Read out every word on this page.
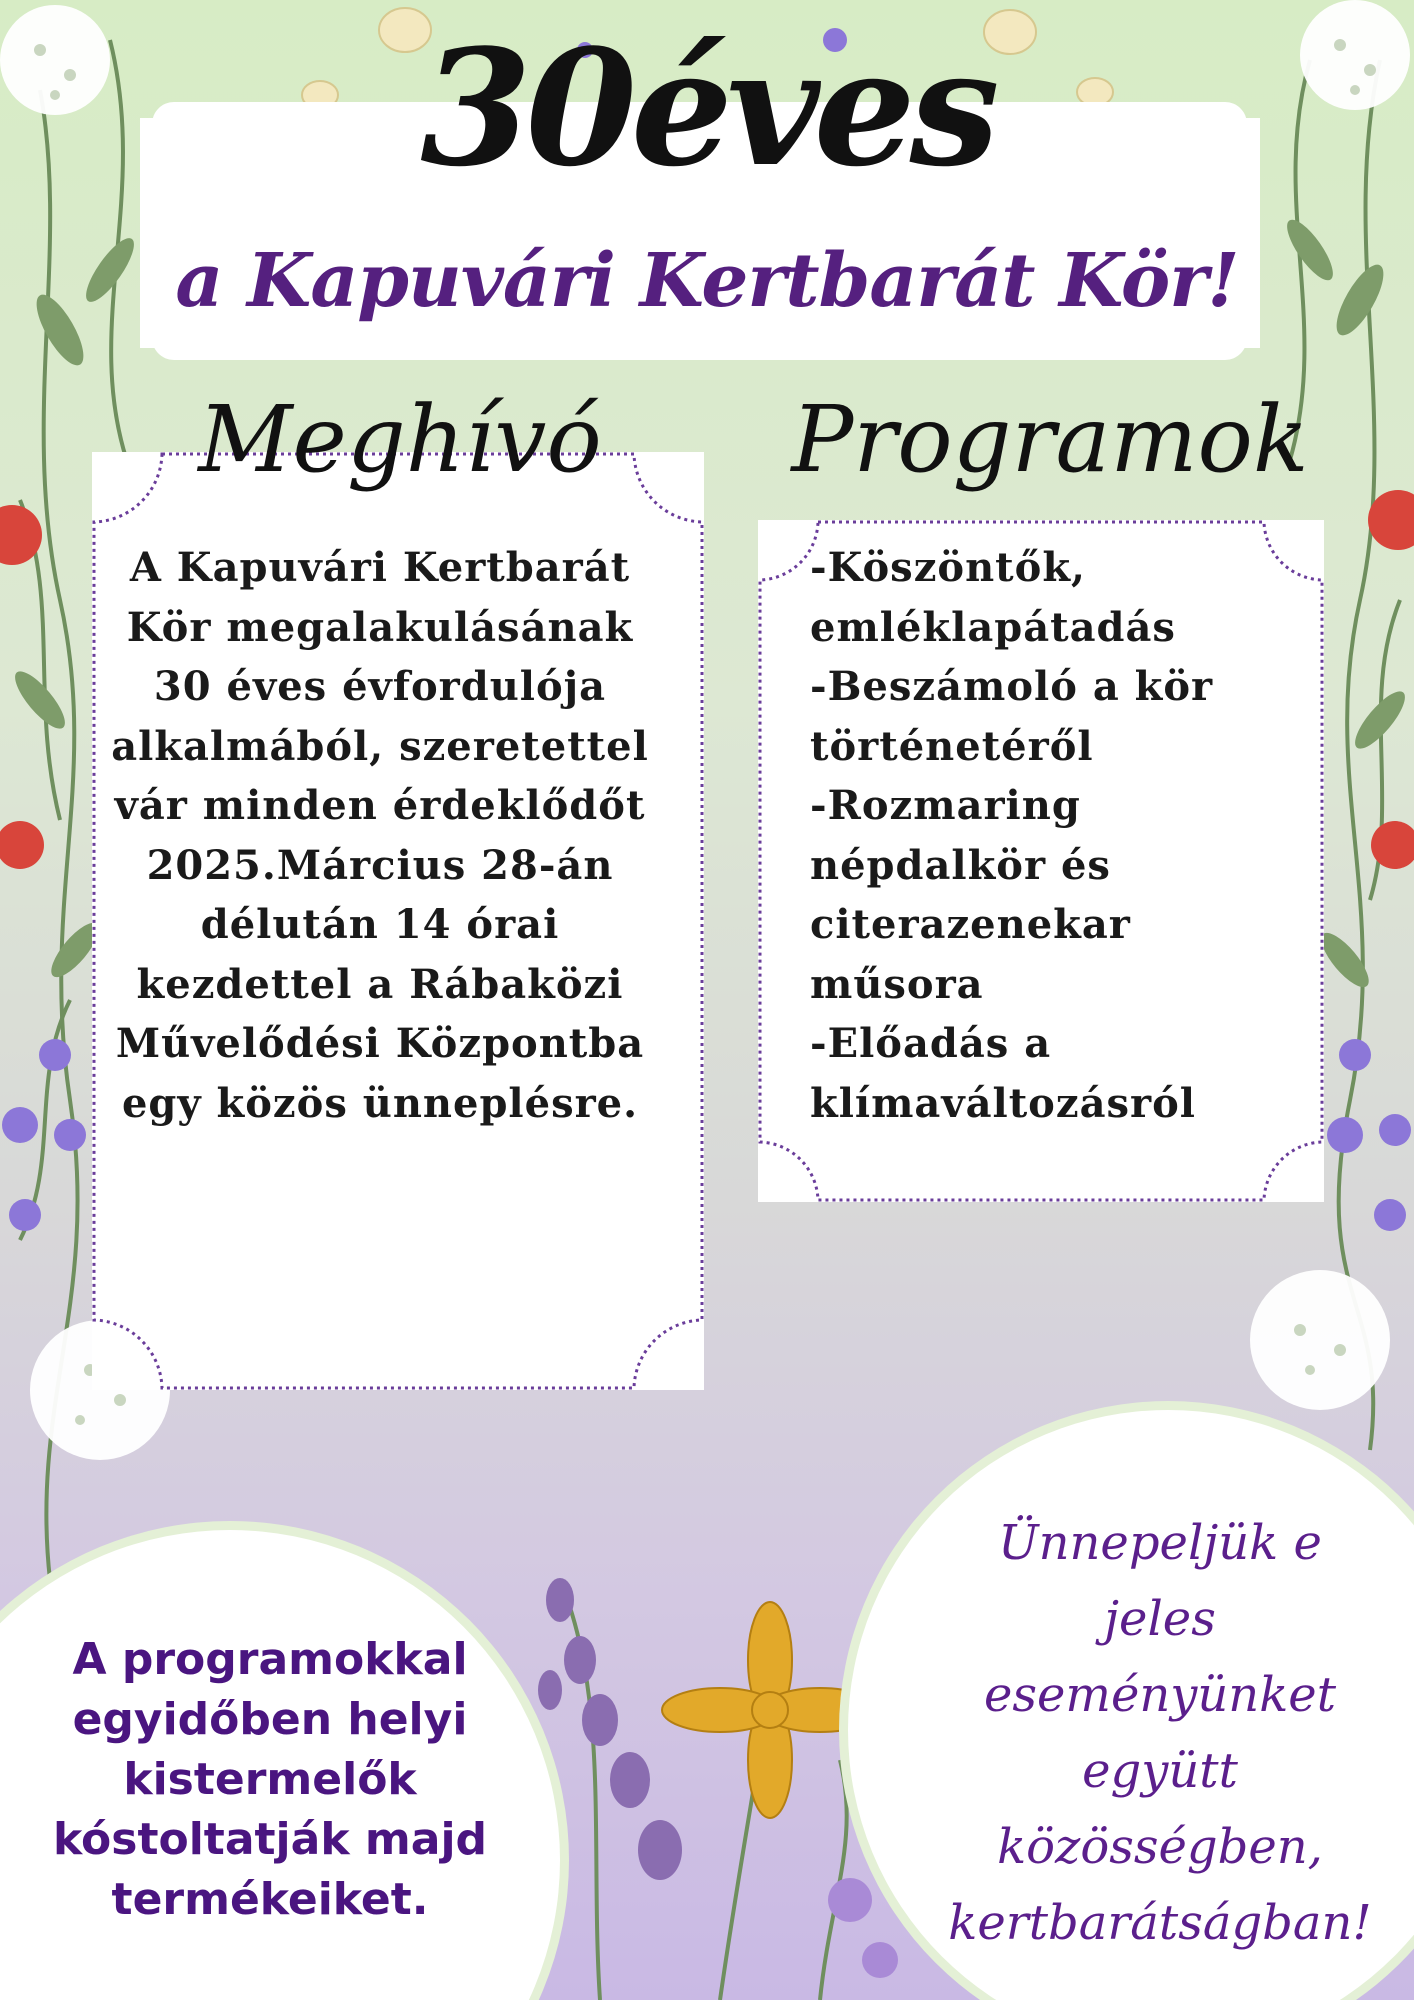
30éves
a Kapuvári Kertbarát Kör!
Meghívó
A Kapuvári Kertbarát Kör megalakulásának 30 éves évfordulója alkalmából, szeretettel vár minden érdeklődőt 2025.Március 28-án délután 14 órai kezdettel a Rábaközi Művelődési Központba egy közös ünneplésre.
Programok
-Köszöntők, emléklapátadás
-Beszámoló a kör történetéről
-Rozmaring népdalkör és citerazenekar műsora
-Előadás a klímaváltozásról
A programokkal egyidőben helyi kistermelők kóstoltatják majd termékeiket.
Ünnepeljük e jeles eseményünket együtt közösségben, kertbarátságban!
